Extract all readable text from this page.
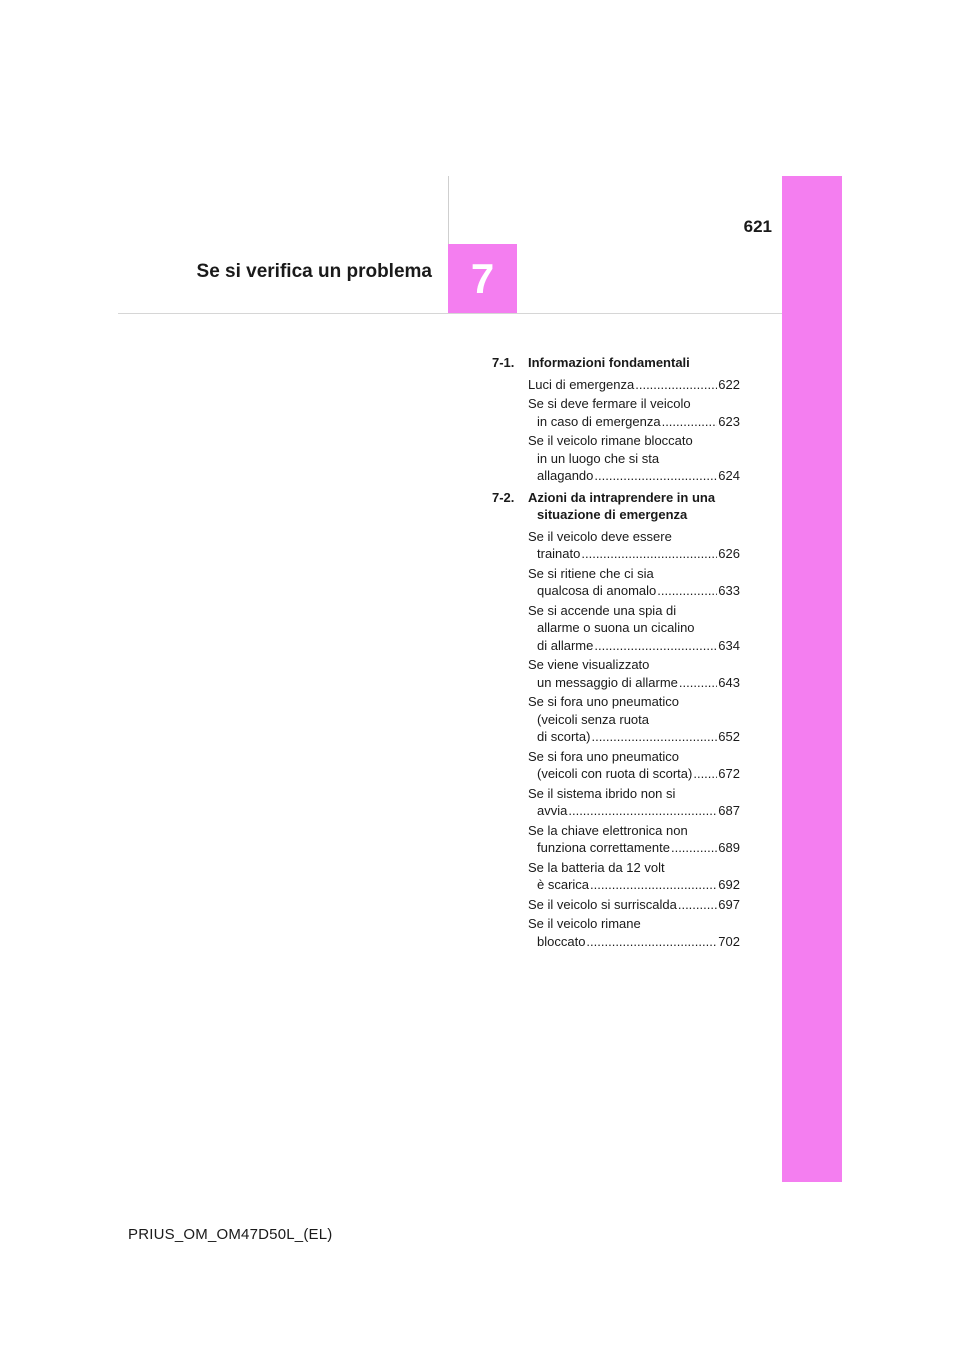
7
621
Se si verifica un problema
7-1.	Informazioni fondamentali
Luci di emergenza .....	622
Se si deve fermare il veicolo
in caso di emergenza .....	623
Se il veicolo rimane bloccato
in un luogo che si sta
allagando .....	624
7-2.	Azioni da intraprendere in una
situazione di emergenza
Se il veicolo deve essere
trainato .....	626
Se si ritiene che ci sia
qualcosa di anomalo .....	633
Se si accende una spia di
allarme o suona un cicalino
di allarme .....	634
Se viene visualizzato
un messaggio di allarme .....	643
Se si fora uno pneumatico
(veicoli senza ruota
di scorta) .....	652
Se si fora uno pneumatico
(veicoli con ruota di scorta) ..... 672
Se il sistema ibrido non si
avvia .....	687
Se la chiave elettronica non
funziona correttamente .....	689
Se la batteria da 12 volt
è scarica .....	692
Se il veicolo si surriscalda .....	697
Se il veicolo rimane
bloccato .....	702
PRIUS_OM_OM47D50L_(EL)
